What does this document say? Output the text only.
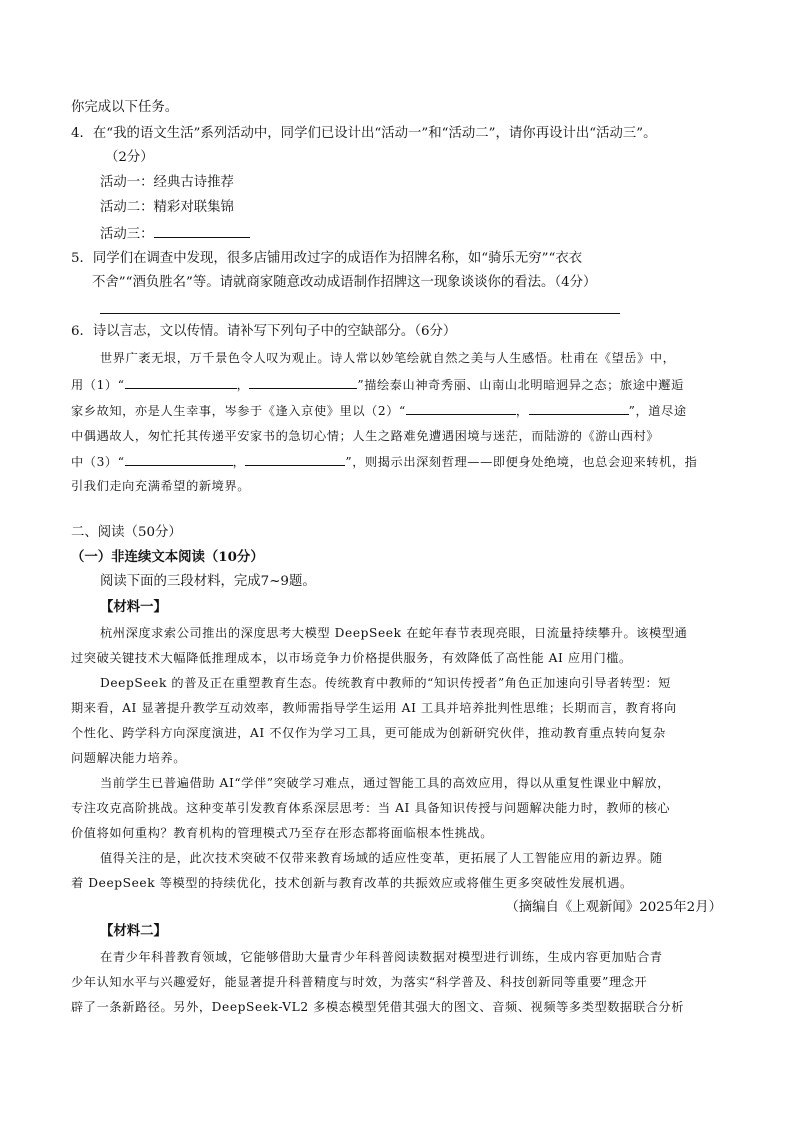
你完成以下任务。
4．在“我的语文生活”系列活动中，同学们已设计出“活动一”和“活动二”，请你再设计出“活动三”。
（2分）
活动一：经典古诗推荐
活动二：精彩对联集锦
活动三：
5．同学们在调查中发现，很多店铺用改过字的成语作为招牌名称，如“骑乐无穷”“衣衣
不舍”“酒负胜名”等。请就商家随意改动成语制作招牌这一现象谈谈你的看法。（4分）
6．诗以言志，文以传情。请补写下列句子中的空缺部分。（6分）
世界广袤无垠，万千景色令人叹为观止。诗人常以妙笔绘就自然之美与人生感悟。杜甫在《望岳》中，
用（1）“	，	”描绘泰山神奇秀丽、山南山北明暗迥异之态；旅途中邂逅
家乡故知，亦是人生幸事，岑参于《逢入京使》里以（2）“	，	”，道尽途
中偶遇故人，匆忙托其传递平安家书的急切心情；人生之路难免遭遇困境与迷茫，而陆游的《游山西村》
中（3）“	，	”，则揭示出深刻哲理——即便身处绝境，也总会迎来转机，指
引我们走向充满希望的新境界。
二、阅读（50分）
（一）非连续文本阅读（10分）
阅读下面的三段材料，完成7~9题。
【材料一】
杭州深度求索公司推出的深度思考大模型 DeepSeek 在蛇年春节表现亮眼，日流量持续攀升。该模型通
过突破关键技术大幅降低推理成本，以市场竞争力价格提供服务，有效降低了高性能 AI 应用门槛。
DeepSeek 的普及正在重塑教育生态。传统教育中教师的“知识传授者”角色正加速向引导者转型：短
期来看，AI 显著提升教学互动效率，教师需指导学生运用 AI 工具并培养批判性思维；长期而言，教育将向
个性化、跨学科方向深度演进，AI 不仅作为学习工具，更可能成为创新研究伙伴，推动教育重点转向复杂
问题解决能力培养。
当前学生已普遍借助 AI“学伴”突破学习难点，通过智能工具的高效应用，得以从重复性课业中解放，
专注攻克高阶挑战。这种变革引发教育体系深层思考：当 AI 具备知识传授与问题解决能力时，教师的核心
价值将如何重构？教育机构的管理模式乃至存在形态都将面临根本性挑战。
值得关注的是，此次技术突破不仅带来教育场域的适应性变革，更拓展了人工智能应用的新边界。随
着 DeepSeek 等模型的持续优化，技术创新与教育改革的共振效应或将催生更多突破性发展机遇。
（摘编自《上观新闻》2025年2月）
【材料二】
在青少年科普教育领域，它能够借助大量青少年科普阅读数据对模型进行训练，生成内容更加贴合青
少年认知水平与兴趣爱好，能显著提升科普精度与时效，为落实“科学普及、科技创新同等重要”理念开
辟了一条新路径。另外，DeepSeek-VL2 多模态模型凭借其强大的图文、音频、视频等多类型数据联合分析
